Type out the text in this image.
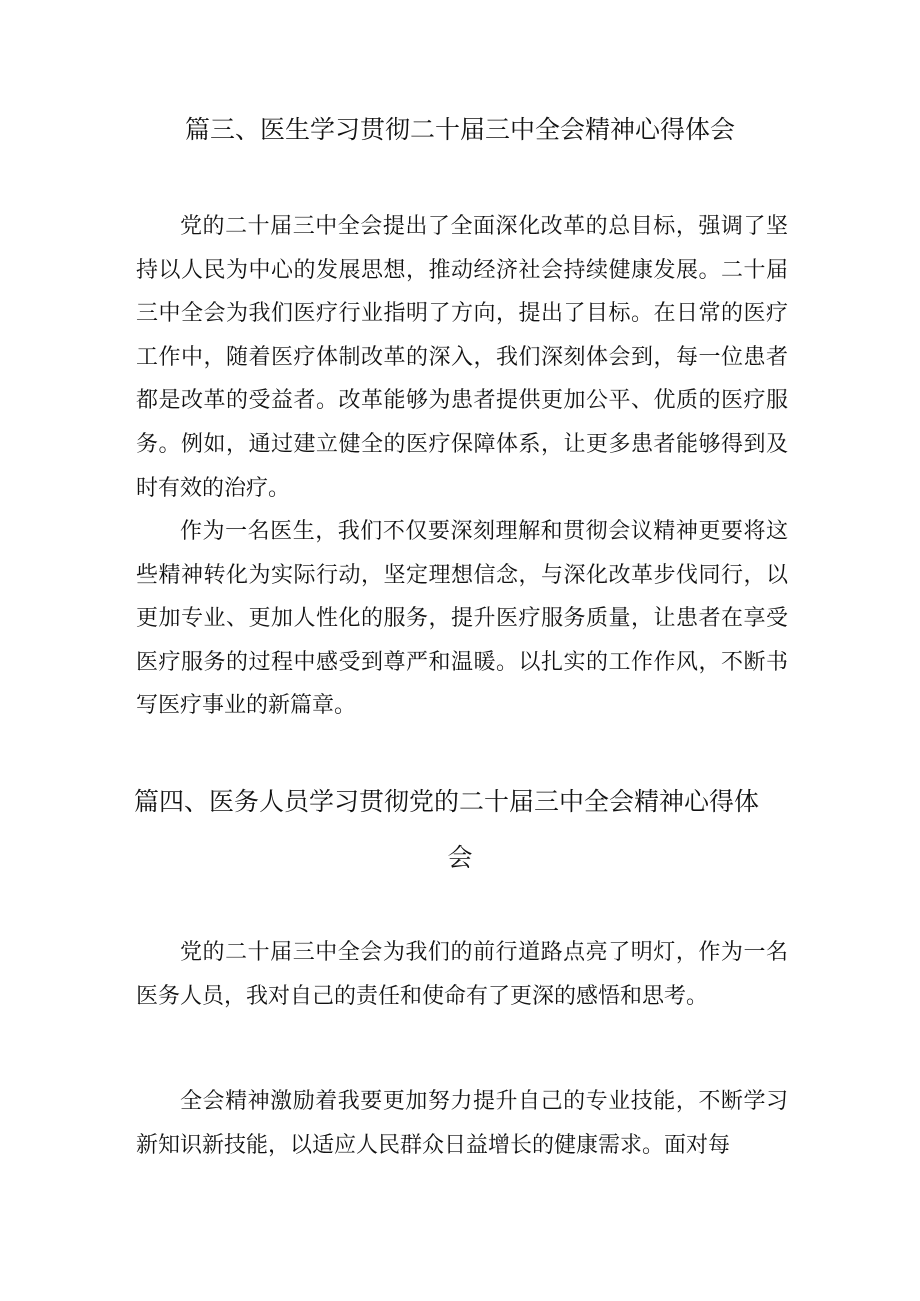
篇三、医生学习贯彻二十届三中全会精神心得体会

党的二十届三中全会提出了全面深化改革的总目标，强调了坚持以人民为中心的发展思想，推动经济社会持续健康发展。二十届三中全会为我们医疗行业指明了方向，提出了目标。在日常的医疗工作中，随着医疗体制改革的深入，我们深刻体会到，每一位患者都是改革的受益者。改革能够为患者提供更加公平、优质的医疗服务。例如，通过建立健全的医疗保障体系，让更多患者能够得到及时有效的治疗。

作为一名医生，我们不仅要深刻理解和贯彻会议精神更要将这些精神转化为实际行动，坚定理想信念，与深化改革步伐同行，以更加专业、更加人性化的服务，提升医疗服务质量，让患者在享受医疗服务的过程中感受到尊严和温暖。以扎实的工作作风，不断书写医疗事业的新篇章。

篇四、医务人员学习贯彻党的二十届三中全会精神心得体
会

党的二十届三中全会为我们的前行道路点亮了明灯，作为一名医务人员，我对自己的责任和使命有了更深的感悟和思考。

全会精神激励着我要更加努力提升自己的专业技能，不断学习新知识新技能，以适应人民群众日益增长的健康需求。面对每
